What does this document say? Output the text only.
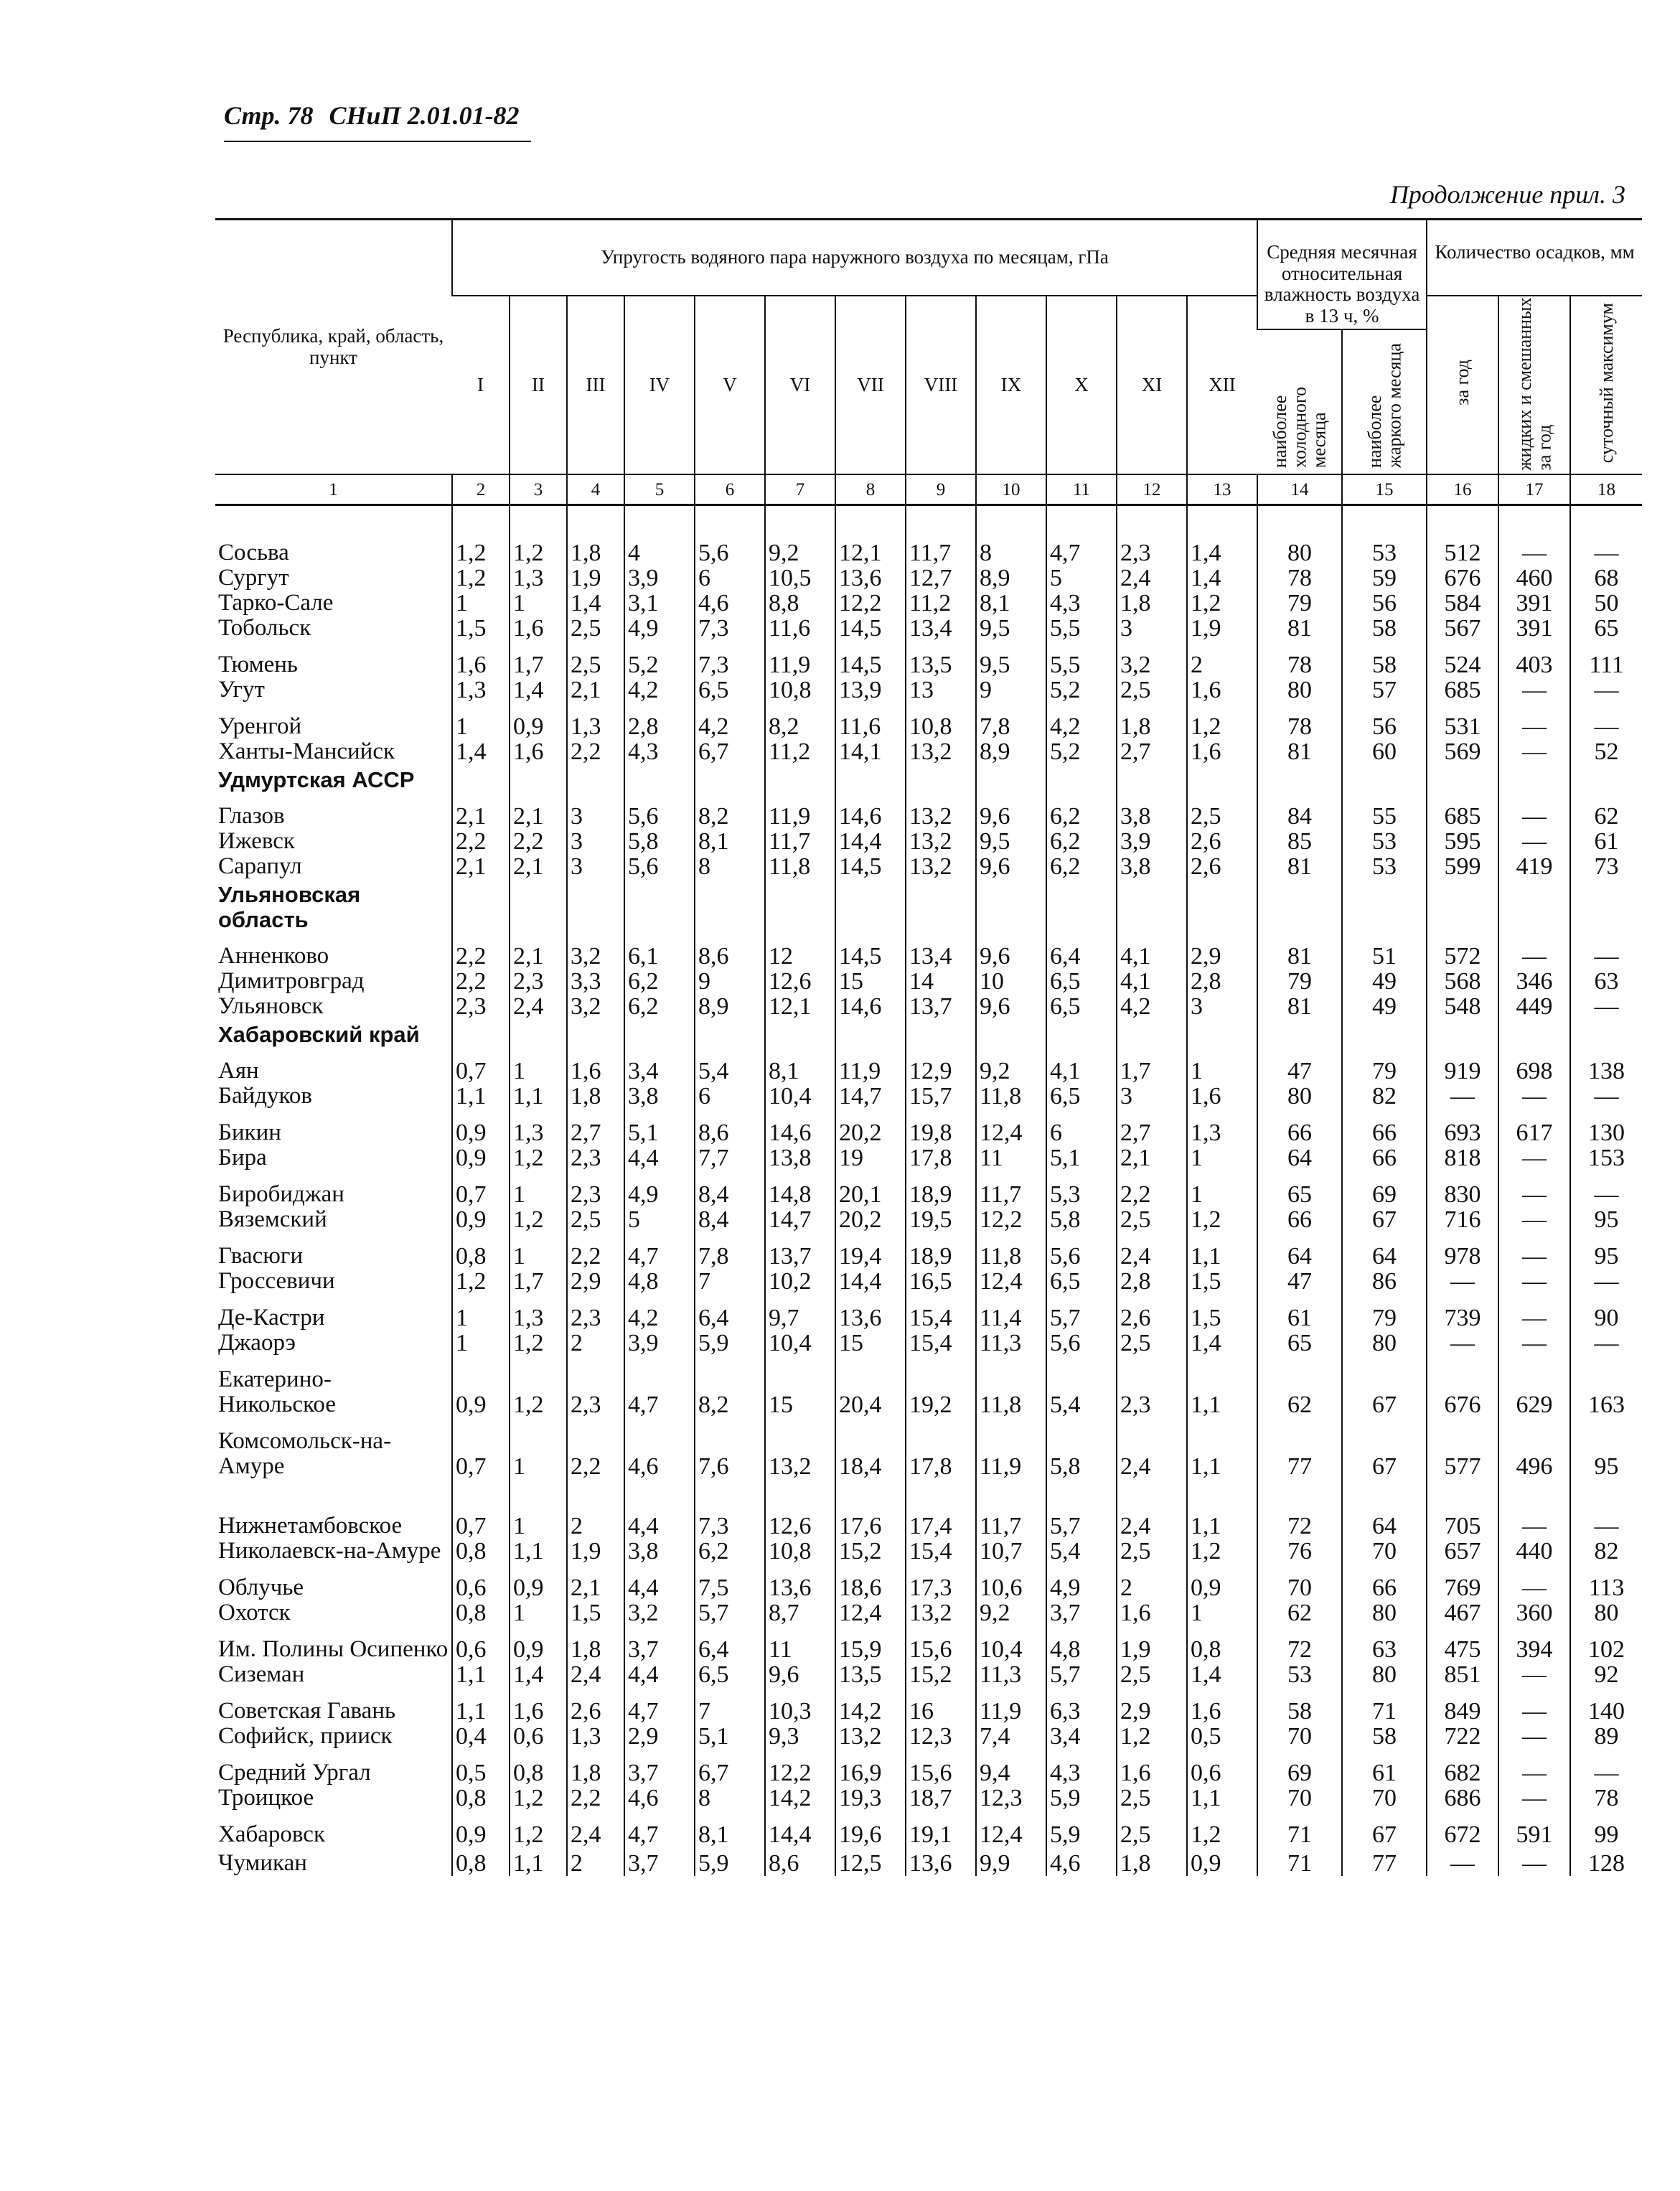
Стр. 78 СНиП 2.01.01-82
Продолжение прил. 3
Республика, край, область, пункт	Упругость водяного пара наружного воздуха по месяцам, гПа												Средняя месячная относительная влажность воздуха в 13 ч, %		Количество осадков, мм		
	I	II	III	IV	V	VI	VII	VIII	IX	X	XI	XII			за год	жидких и смешанных за год	суточный максимум
													наиболее холодного месяца	наиболее жаркого месяца			
1	2	3	4	5	6	7	8	9	10	11	12	13	14	15	16	17	18

Сосьва	1,2	1,2	1,8	4	5,6	9,2	12,1	11,7	8	4,7	2,3	1,4	80	53	512	—	—
Сургут	1,2	1,3	1,9	3,9	6	10,5	13,6	12,7	8,9	5	2,4	1,4	78	59	676	460	68
Тарко-Сале	1	1	1,4	3,1	4,6	8,8	12,2	11,2	8,1	4,3	1,8	1,2	79	56	584	391	50
Тобольск	1,5	1,6	2,5	4,9	7,3	11,6	14,5	13,4	9,5	5,5	3	1,9	81	58	567	391	65

Тюмень	1,6	1,7	2,5	5,2	7,3	11,9	14,5	13,5	9,5	5,5	3,2	2	78	58	524	403	111
Угут	1,3	1,4	2,1	4,2	6,5	10,8	13,9	13	9	5,2	2,5	1,6	80	57	685	—	—

Уренгой	1	0,9	1,3	2,8	4,2	8,2	11,6	10,8	7,8	4,2	1,8	1,2	78	56	531	—	—
Ханты-Мансийск	1,4	1,6	2,2	4,3	6,7	11,2	14,1	13,2	8,9	5,2	2,7	1,6	81	60	569	—	52
Удмуртская АССР																	

Глазов	2,1	2,1	3	5,6	8,2	11,9	14,6	13,2	9,6	6,2	3,8	2,5	84	55	685	—	62
Ижевск	2,2	2,2	3	5,8	8,1	11,7	14,4	13,2	9,5	6,2	3,9	2,6	85	53	595	—	61
Сарапул	2,1	2,1	3	5,6	8	11,8	14,5	13,2	9,6	6,2	3,8	2,6	81	53	599	419	73
Ульяновская область																	

Анненково	2,2	2,1	3,2	6,1	8,6	12	14,5	13,4	9,6	6,4	4,1	2,9	81	51	572	—	—
Димитровград	2,2	2,3	3,3	6,2	9	12,6	15	14	10	6,5	4,1	2,8	79	49	568	346	63
Ульяновск	2,3	2,4	3,2	6,2	8,9	12,1	14,6	13,7	9,6	6,5	4,2	3	81	49	548	449	—
Хабаровский край																	

Аян	0,7	1	1,6	3,4	5,4	8,1	11,9	12,9	9,2	4,1	1,7	1	47	79	919	698	138
Байдуков	1,1	1,1	1,8	3,8	6	10,4	14,7	15,7	11,8	6,5	3	1,6	80	82	—	—	—

Бикин	0,9	1,3	2,7	5,1	8,6	14,6	20,2	19,8	12,4	6	2,7	1,3	66	66	693	617	130
Бира	0,9	1,2	2,3	4,4	7,7	13,8	19	17,8	11	5,1	2,1	1	64	66	818	—	153

Биробиджан	0,7	1	2,3	4,9	8,4	14,8	20,1	18,9	11,7	5,3	2,2	1	65	69	830	—	—
Вяземский	0,9	1,2	2,5	5	8,4	14,7	20,2	19,5	12,2	5,8	2,5	1,2	66	67	716	—	95

Гвасюги	0,8	1	2,2	4,7	7,8	13,7	19,4	18,9	11,8	5,6	2,4	1,1	64	64	978	—	95
Гроссевичи	1,2	1,7	2,9	4,8	7	10,2	14,4	16,5	12,4	6,5	2,8	1,5	47	86	—	—	—

Де-Кастри	1	1,3	2,3	4,2	6,4	9,7	13,6	15,4	11,4	5,7	2,6	1,5	61	79	739	—	90
Джаорэ	1	1,2	2	3,9	5,9	10,4	15	15,4	11,3	5,6	2,5	1,4	65	80	—	—	—

Екатерино-Никольское	0,9	1,2	2,3	4,7	8,2	15	20,4	19,2	11,8	5,4	2,3	1,1	62	67	676	629	163

Комсомольск-на-Амуре	0,7	1	2,2	4,6	7,6	13,2	18,4	17,8	11,9	5,8	2,4	1,1	77	67	577	496	95

Нижнетамбовское	0,7	1	2	4,4	7,3	12,6	17,6	17,4	11,7	5,7	2,4	1,1	72	64	705	—	—
Николаевск-на-Амуре	0,8	1,1	1,9	3,8	6,2	10,8	15,2	15,4	10,7	5,4	2,5	1,2	76	70	657	440	82

Облучье	0,6	0,9	2,1	4,4	7,5	13,6	18,6	17,3	10,6	4,9	2	0,9	70	66	769	—	113
Охотск	0,8	1	1,5	3,2	5,7	8,7	12,4	13,2	9,2	3,7	1,6	1	62	80	467	360	80

Им. Полины Осипенко	0,6	0,9	1,8	3,7	6,4	11	15,9	15,6	10,4	4,8	1,9	0,8	72	63	475	394	102
Сиземан	1,1	1,4	2,4	4,4	6,5	9,6	13,5	15,2	11,3	5,7	2,5	1,4	53	80	851	—	92

Советская Гавань	1,1	1,6	2,6	4,7	7	10,3	14,2	16	11,9	6,3	2,9	1,6	58	71	849	—	140
Софийск, прииск	0,4	0,6	1,3	2,9	5,1	9,3	13,2	12,3	7,4	3,4	1,2	0,5	70	58	722	—	89

Средний Ургал	0,5	0,8	1,8	3,7	6,7	12,2	16,9	15,6	9,4	4,3	1,6	0,6	69	61	682	—	—
Троицкое	0,8	1,2	2,2	4,6	8	14,2	19,3	18,7	12,3	5,9	2,5	1,1	70	70	686	—	78

Хабаровск	0,9	1,2	2,4	4,7	8,1	14,4	19,6	19,1	12,4	5,9	2,5	1,2	71	67	672	591	99
Чумикан	0,8	1,1	2	3,7	5,9	8,6	12,5	13,6	9,9	4,6	1,8	0,9	71	77	—	—	128
